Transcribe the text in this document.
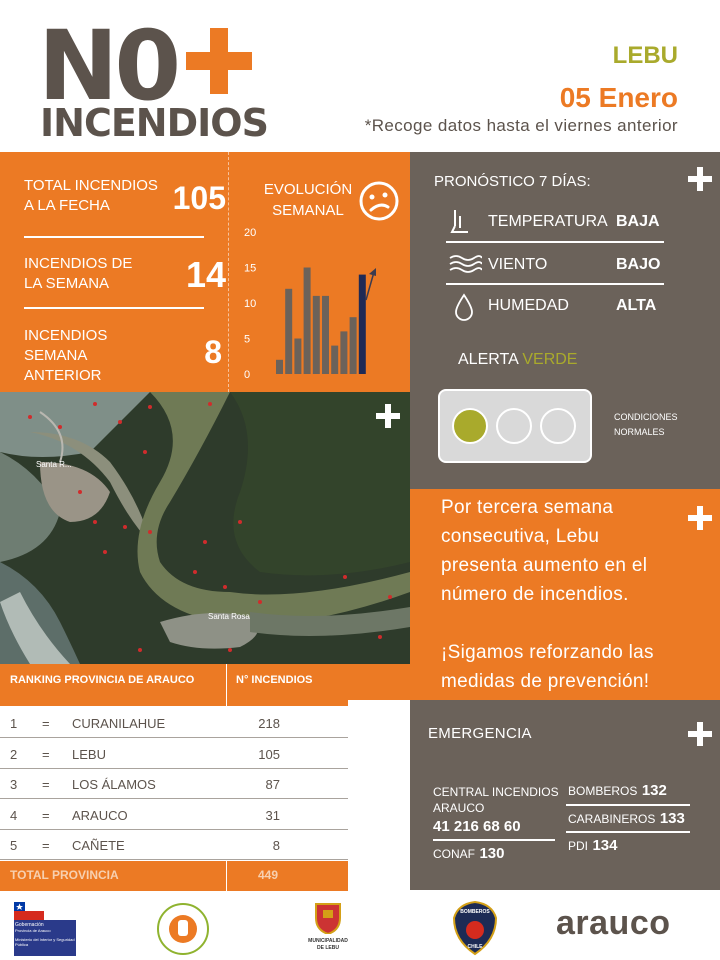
N0
INCENDIOS
LEBU
05 Enero
*Recoge datos hasta el viernes anterior
TOTAL INCENDIOS
A LA FECHA	105
INCENDIOS DE
LA SEMANA	14
INCENDIOS
SEMANA
ANTERIOR
8
EVOLUCIÓN
SEMANAL
20
15
10
5
0
PRONÓSTICO 7 DÍAS:
TEMPERATURA BAJA
VIENTO	BAJO
HUMEDAD	ALTA
ALERTA VERDE
CONDICIONES
NORMALES
Santa R...
Santa Rosa
Por tercera semana
consecutiva, Lebu
presenta aumento en el
número de incendios.
¡Sigamos reforzando las
medidas de prevención!
RANKING PROVINCIA DE ARAUCO	N° INCENDIOS
1 = CURANILAHUE	218
2 = LEBU	105
3 = LOS ÁLAMOS	87
4 = ARAUCO	31
5 = CAÑETE	8
TOTAL PROVINCIA	449
EMERGENCIA
CENTRAL INCENDIOS
ARAUCO
41 216 68 60
CONAF 130
BOMBEROS 132
CARABINEROS 133
PDI 134
Gobernación
Provincia de Arauco
Ministerio del Interior y Seguridad Pública
MUNICIPALIDAD
DE LEBU
BOMBEROS
CHILE
arauco
